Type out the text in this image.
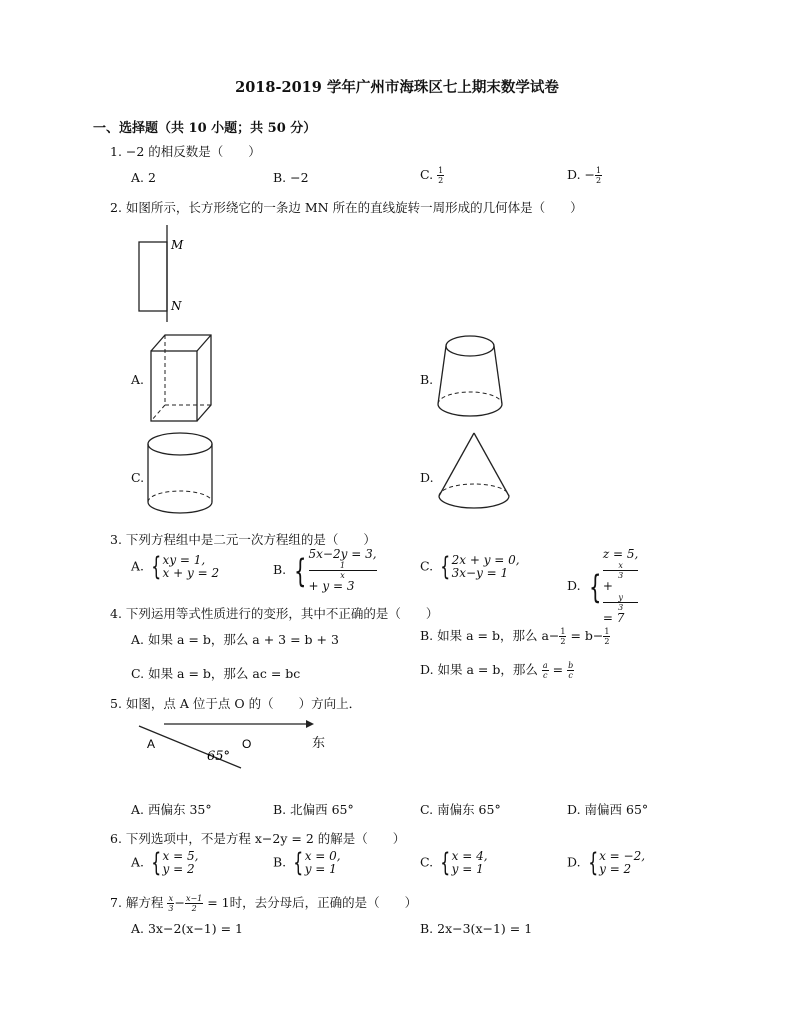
2018-2019 学年广州市海珠区七上期末数学试卷
一、选择题（共 10 小题；共 50 分）
1. −2 的相反数是（　　）
A. 2	B. −2	C. $\frac{1}{2}$	D. − $\frac{1}{2}$
2. 如图所示，长方形绕它的一条边 MN 所在的直线旋转一周形成的几何体是（　　）
M
N
A.	B.
C.	D.
3. 下列方程组中是二元一次方程组的是（　　）
A. { xy = 1,
x + y = 2	B. { 5x−2y = 3,
1
x
+ y = 3
C. { 2x + y = 0,
3x−y = 1
D. {
z = 5,
x
3
+
y
3
= 7
4. 下列运用等式性质进行的变形，其中不正确的是（　　）
A. 如果 a = b，那么 a + 3 = b + 3	B. 如果 a = b，那么 $a- \frac{1}{2} = b- \frac{1}{2}$
C. 如果 a = b，那么 ac = bc	D. 如果 a = b，那么 $\frac{a}{c} = \frac{b}{c}$
5. 如图，点 A 位于点 O 的（　　）方向上．
A	O
65°
东
A. 西偏东 35°	B. 北偏西 65°	C. 南偏东 65°	D. 南偏西 65°
6. 下列选项中，不是方程 x−2y = 2 的解是（　　）
A. { x = 5,
y = 2	B. { x = 0,
y = 1	C. { x = 4,
y = 1	D. { x = −2,
y = 2
7. 解方程 $\frac{x}{3} - \frac{x-1}{2} = 1$时，去分母后，正确的是（　　）
A. 3x−2(x−1) = 1	B. 2x−3(x−1) = 1
